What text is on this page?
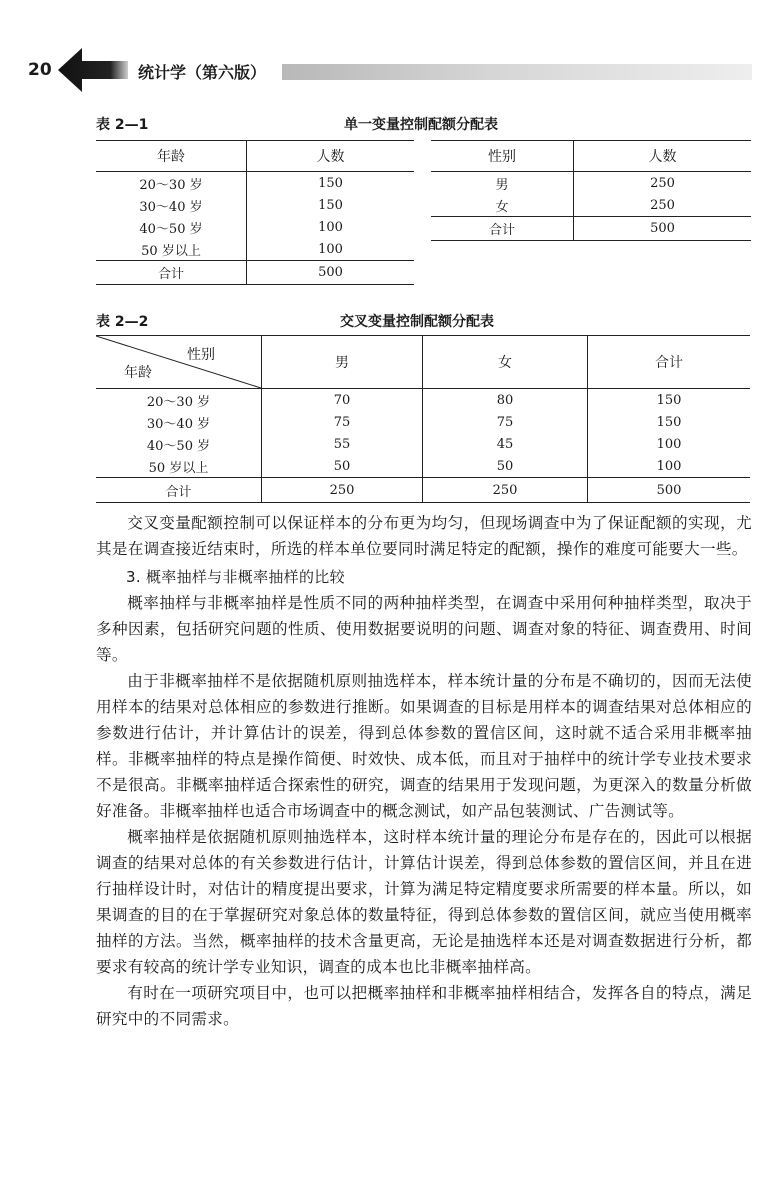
20	统计学（第六版）
表 2—1	单一变量控制配额分配表
年龄	人数
20～30 岁	150
30～40 岁	150
40～50 岁	100
50 岁以上	100
合计	500
性别	人数
男	250
女	250
合计	500
表 2—2	交叉变量控制配额分配表
性别
年龄	男	女	合计
20～30 岁	70	80	150
30～40 岁	75	75	150
40～50 岁	55	45	100
50 岁以上	50	50	100
合计	250	250	500

交叉变量配额控制可以保证样本的分布更为均匀，但现场调查中为了保证配额的实现，尤其是在调查接近结束时，所选的样本单位要同时满足特定的配额，操作的难度可能要大一些。

3. 概率抽样与非概率抽样的比较

概率抽样与非概率抽样是性质不同的两种抽样类型，在调查中采用何种抽样类型，取决于多种因素，包括研究问题的性质、使用数据要说明的问题、调查对象的特征、调查费用、时间等。

由于非概率抽样不是依据随机原则抽选样本，样本统计量的分布是不确切的，因而无法使用样本的结果对总体相应的参数进行推断。如果调查的目标是用样本的调查结果对总体相应的参数进行估计，并计算估计的误差，得到总体参数的置信区间，这时就不适合采用非概率抽样。非概率抽样的特点是操作简便、时效快、成本低，而且对于抽样中的统计学专业技术要求不是很高。非概率抽样适合探索性的研究，调查的结果用于发现问题，为更深入的数量分析做好准备。非概率抽样也适合市场调查中的概念测试，如产品包装测试、广告测试等。

概率抽样是依据随机原则抽选样本，这时样本统计量的理论分布是存在的，因此可以根据调查的结果对总体的有关参数进行估计，计算估计误差，得到总体参数的置信区间，并且在进行抽样设计时，对估计的精度提出要求，计算为满足特定精度要求所需要的样本量。所以，如果调查的目的在于掌握研究对象总体的数量特征，得到总体参数的置信区间，就应当使用概率抽样的方法。当然，概率抽样的技术含量更高，无论是抽选样本还是对调查数据进行分析，都要求有较高的统计学专业知识，调查的成本也比非概率抽样高。

有时在一项研究项目中，也可以把概率抽样和非概率抽样相结合，发挥各自的特点，满足研究中的不同需求。
